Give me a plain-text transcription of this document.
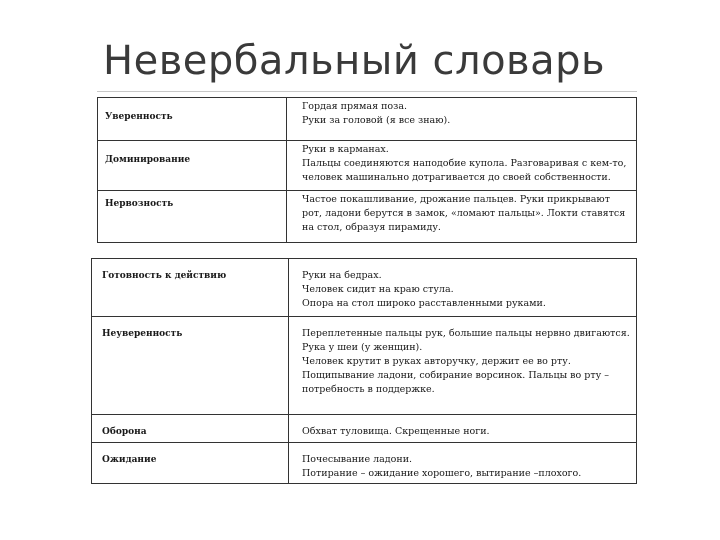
Невербальный словарь
Уверенность	Гордая прямая поза.
Руки за головой (я все знаю).

Доминирование	Руки в карманах.
Пальцы соединяются наподобие купола. Разговаривая с кем-то,
человек машинально дотрагивается до своей собственности.

Нервозность	Частое покашливание, дрожание пальцев. Руки прикрывают
рот, ладони берутся в замок, «ломают пальцы». Локти ставятся
на стол, образуя пирамиду.
Готовность к действию	Руки на бедрах.
Человек сидит на краю стула.
Опора на стол широко расставленными руками.

Неуверенность	Переплетенные пальцы рук, большие пальцы нервно двигаются.
Рука у шеи (у женщин).
Человек крутит в руках авторучку, держит ее во рту.
Пощипывание ладони, собирание ворсинок. Пальцы во рту –
потребность в поддержке.

Оборона	Обхват туловища. Скрещенные ноги.

Ожидание	Почесывание ладони.
Потирание – ожидание хорошего, вытирание –плохого.
